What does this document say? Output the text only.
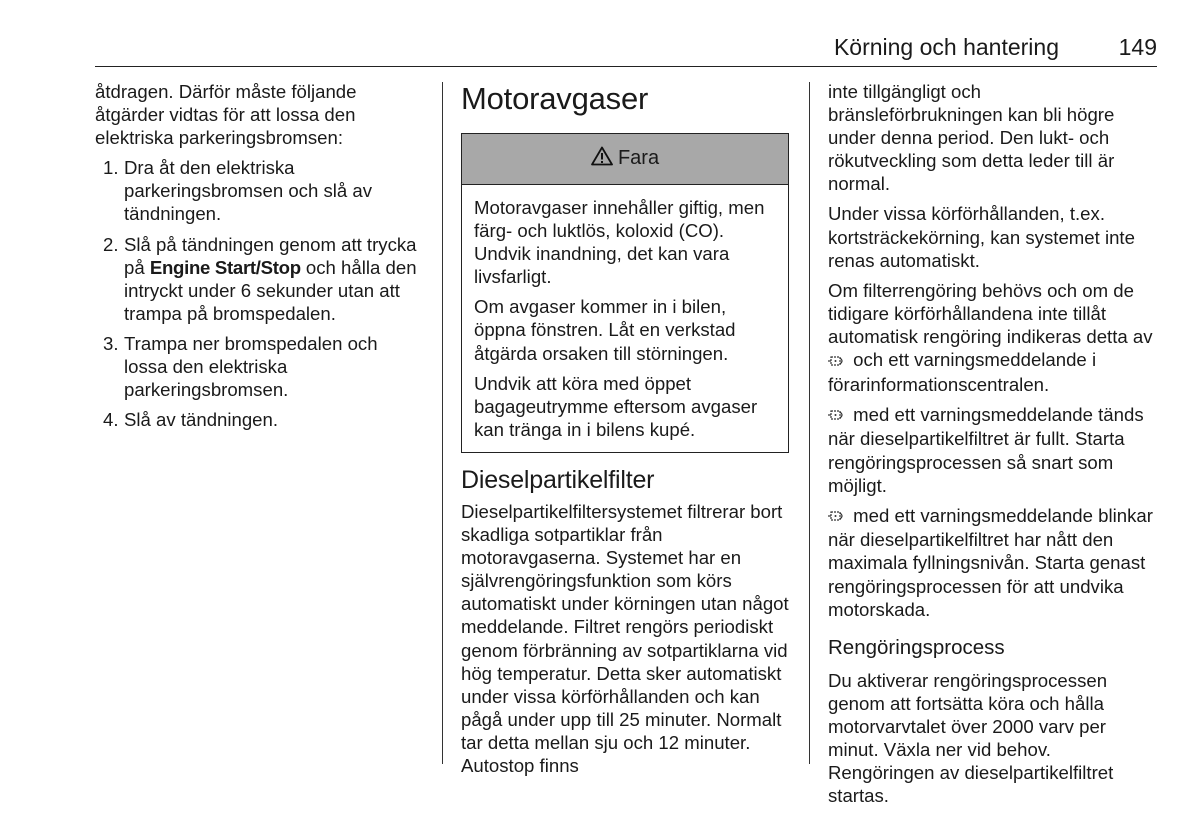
Körning och hantering	149

åtdragen. Därför måste följande åtgärder vidtas för att lossa den elektriska parkeringsbromsen:

1. Dra åt den elektriska parkeringsbromsen och slå av tändningen.
2. Slå på tändningen genom att trycka på Engine Start/Stop och hålla den intryckt under 6 sekunder utan att trampa på bromspedalen.
3. Trampa ner bromspedalen och lossa den elektriska parkeringsbromsen.
4. Slå av tändningen.
Motoravgaser
Fara

Motoravgaser innehåller giftig, men färg- och luktlös, koloxid (CO). Undvik inandning, det kan vara livsfarligt.

Om avgaser kommer in i bilen, öppna fönstren. Låt en verkstad åtgärda orsaken till störningen.

Undvik att köra med öppet bagageutrymme eftersom avgaser kan tränga in i bilens kupé.

Dieselpartikelfilter

Dieselpartikelfiltersystemet filtrerar bort skadliga sotpartiklar från motoravgaserna. Systemet har en självrengöringsfunktion som körs automatiskt under körningen utan något meddelande. Filtret rengörs periodiskt genom förbränning av sotpartiklarna vid hög temperatur. Detta sker automatiskt under vissa körförhållanden och kan pågå under upp till 25 minuter. Normalt tar detta mellan sju och 12 minuter. Autostop finns

inte tillgängligt och bränsleförbrukningen kan bli högre under denna period. Den lukt- och rökutveckling som detta leder till är normal.

Under vissa körförhållanden, t.ex. kortsträckekörning, kan systemet inte renas automatiskt.

Om filterrengöring behövs och om de tidigare körförhållandena inte tillåt automatisk rengöring indikeras detta av  och ett varningsmeddelande i förarinformationscentralen.

med ett varningsmeddelande tänds när dieselpartikelfiltret är fullt. Starta rengöringsprocessen så snart som möjligt.

med ett varningsmeddelande blinkar när dieselpartikelfiltret har nått den maximala fyllningsnivån. Starta genast rengöringsprocessen för att undvika motorskada.

Rengöringsprocess

Du aktiverar rengöringsprocessen genom att fortsätta köra och hålla motorvarvtalet över 2000 varv per minut. Växla ner vid behov. Rengöringen av dieselpartikelfiltret startas.
